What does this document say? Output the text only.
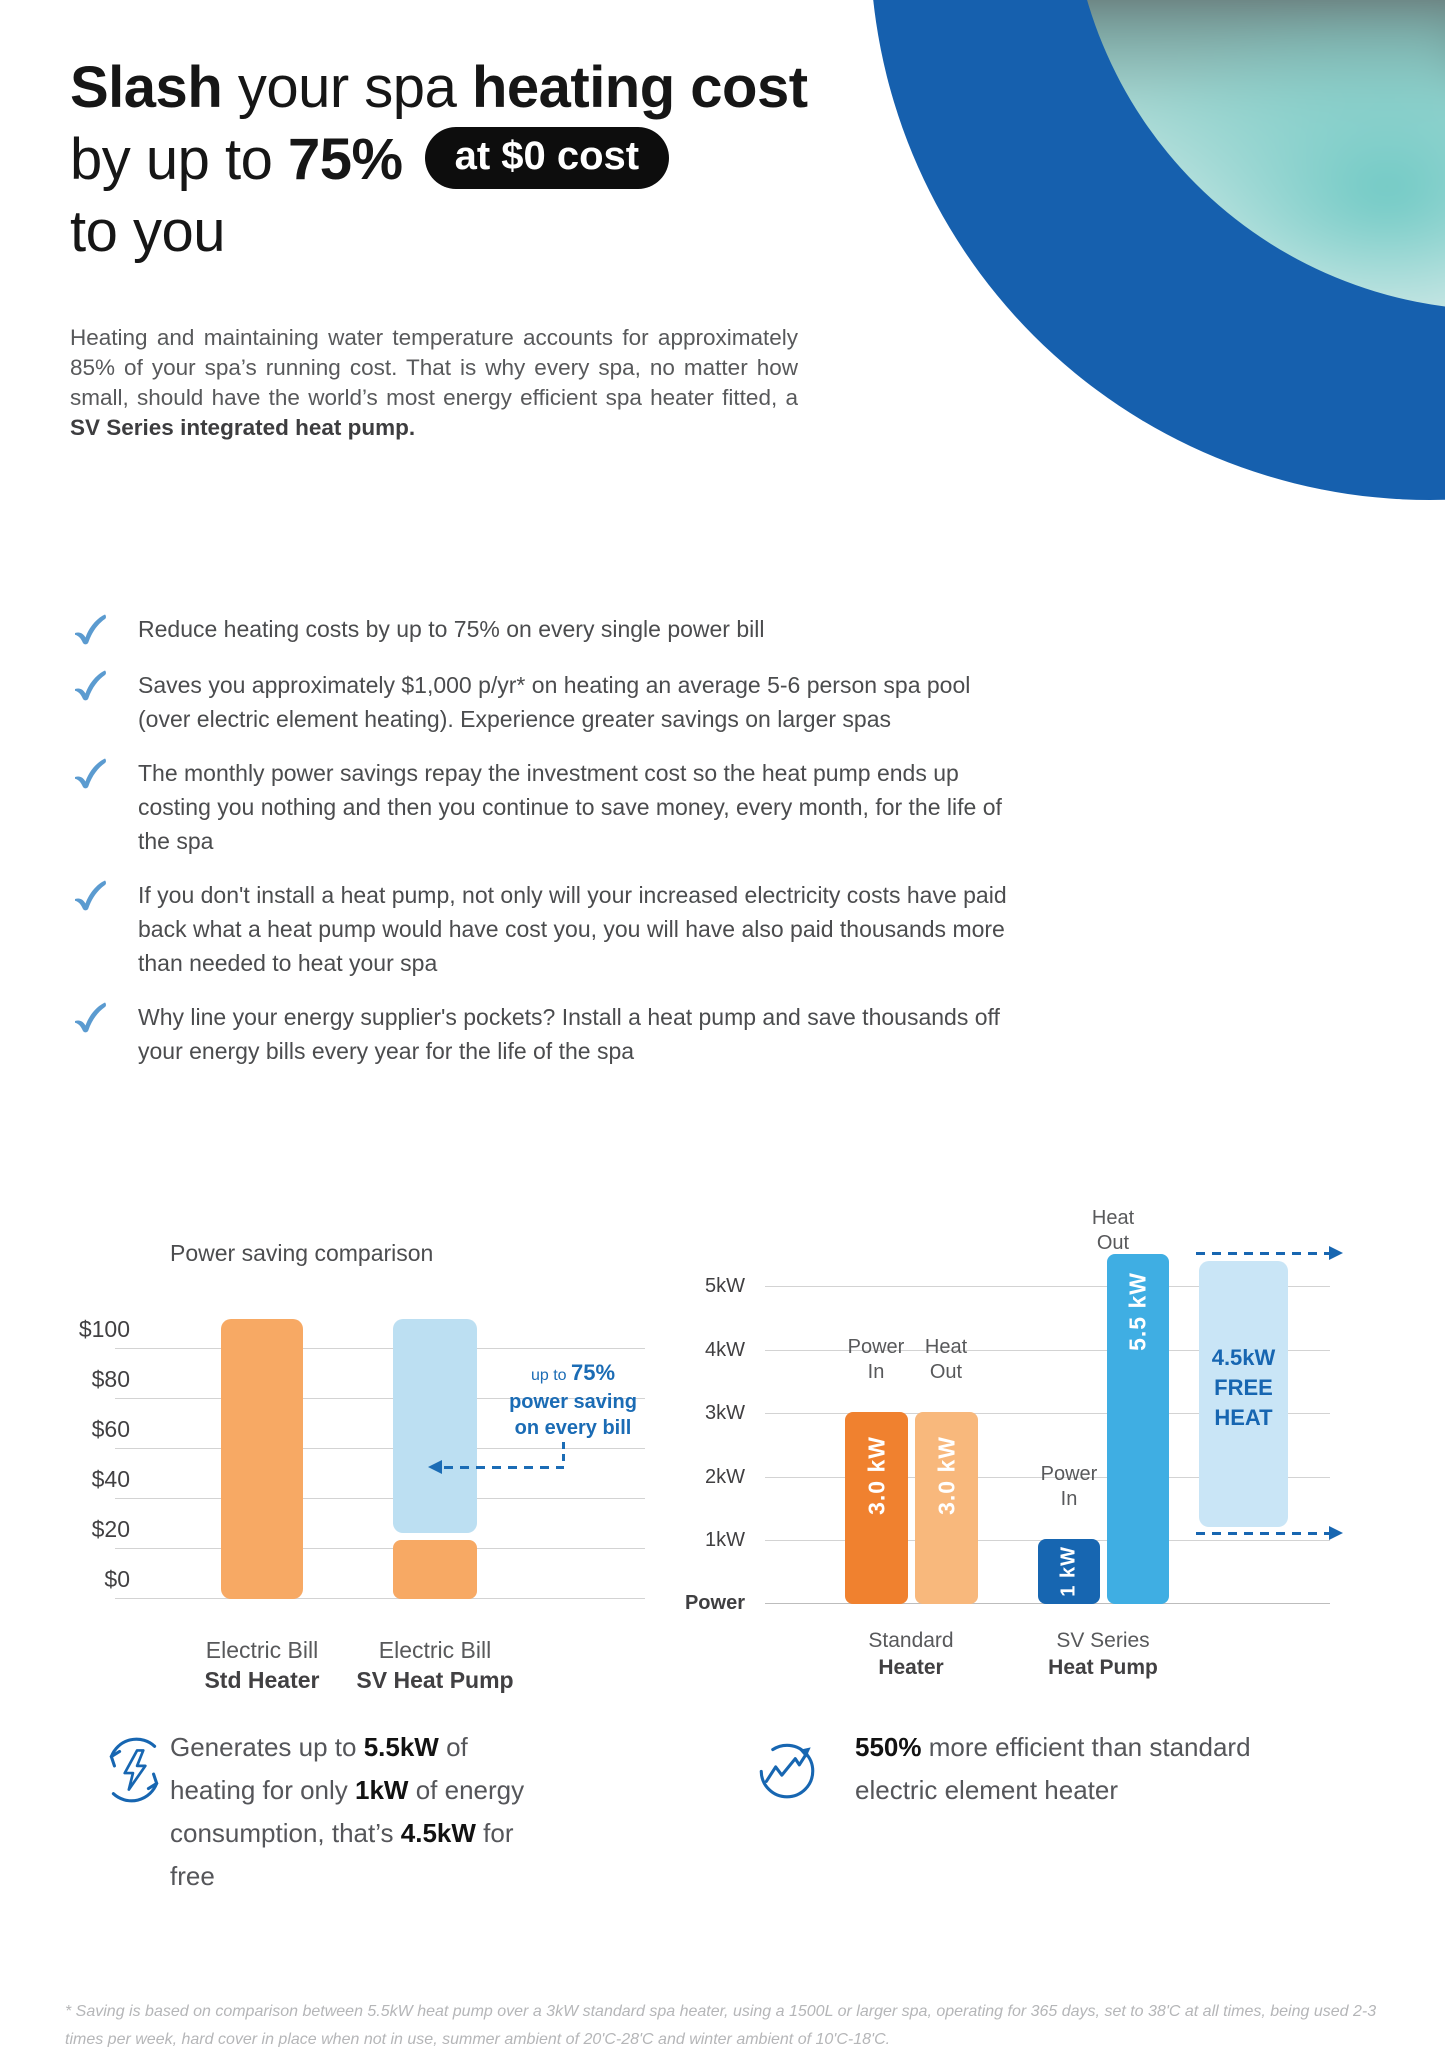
Slash your spa heating cost
by up to 75% at $0 cost
to you

Heating and maintaining water temperature accounts for approximately 85% of your spa’s running cost. That is why every spa, no matter how small, should have the world’s most energy efficient spa heater fitted, a SV Series integrated heat pump.

Reduce heating costs by up to 75% on every single power bill
Saves you approximately $1,000 p/yr* on heating an average 5-6 person spa pool (over electric element heating). Experience greater savings on larger spas
The monthly power savings repay the investment cost so the heat pump ends up costing you nothing and then you continue to save money, every month, for the life of the spa
If you don't install a heat pump, not only will your increased electricity costs have paid back what a heat pump would have cost you, you will have also paid thousands more than needed to heat your spa
Why line your energy supplier's pockets? Install a heat pump and save thousands off your energy bills every year for the life of the spa
Power saving comparison
$100
$80
$60
$40
$20
$0
up to 75%
power saving
on every bill
Electric Bill
Std Heater
Electric Bill
SV Heat Pump
5kW
4kW
3kW
2kW
1kW
Power
Power
In
Heat
Out
3.0 kW 3.0 kW	Power
In
Heat
Out
1 kW
5.5 kW
4.5kW
FREE
HEAT
Standard
Heater
SV Series
Heat Pump
Generates up to 5.5kW of heating for only 1kW of energy consumption, that’s 4.5kW for free
550% more efficient than standard electric element heater

* Saving is based on comparison between 5.5kW heat pump over a 3kW standard spa heater, using a 1500L or larger spa, operating for 365 days, set to 38'C at all times, being used 2-3 times per week, hard cover in place when not in use, summer ambient of 20'C-28'C and winter ambient of 10'C-18'C.
